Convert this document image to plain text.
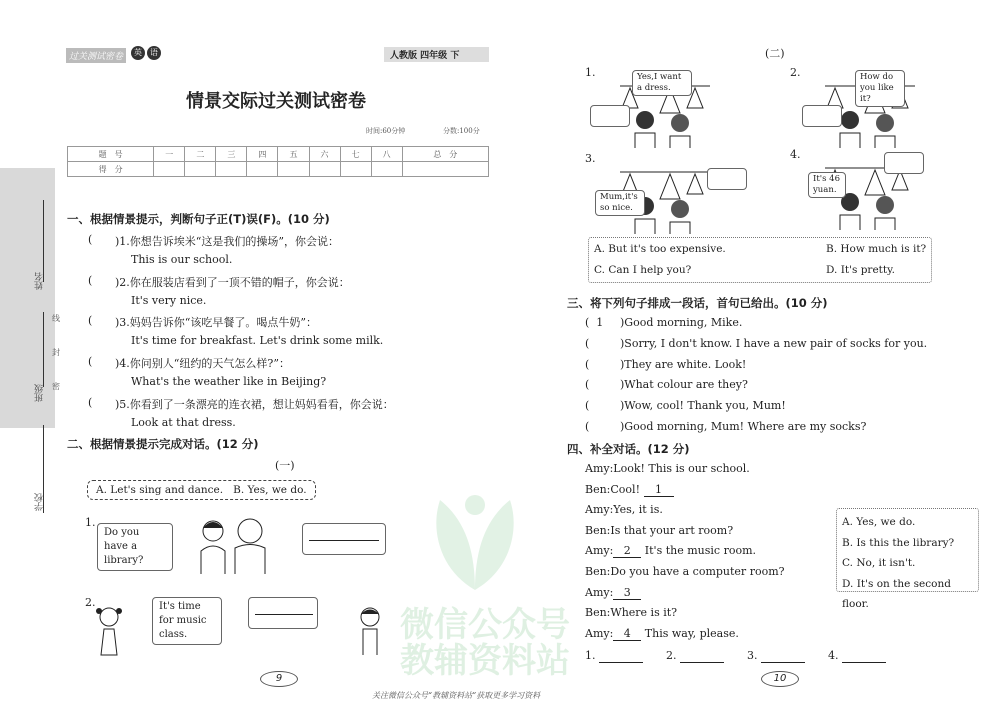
姓名
班级
学校
线
封
密
微信公众号
教辅资料站
过关测试密卷	英	语	人教版 四年级 下
情景交际过关测试密卷
时间:60分钟	分数:100分
题　号	一	二	三	四	五	六	七	八	总　分
得　分									
一、根据情景提示，判断句子正(T)误(F)。(10 分)
( )1.你想告诉埃米“这是我们的操场”，你会说：
This is our school.
( )2.你在服装店看到了一顶不错的帽子，你会说：
It's very nice.
( )3.妈妈告诉你“该吃早餐了。喝点牛奶”：
It's time for breakfast. Let's drink some milk.
( )4.你问别人“纽约的天气怎么样?”：
What's the weather like in Beijing?
( )5.你看到了一条漂亮的连衣裙，想让妈妈看看，你会说：
Look at that dress.
二、根据情景提示完成对话。(12 分)
(一)
A. Let's sing and dance. B. Yes, we do.
1.
Do you have a library?
2.	It's time for music class.
9
(二)
1.	Yes,I want a dress.
2.	How do you like it?
3.
Mum,it's so nice.
4.
It's 46 yuan.
A. But it's too expensive.	B. How much is it?
C. Can I help you?	D. It's pretty.
三、将下列句子排成一段话，首句已给出。(10 分)
(  1 )Good morning, Mike.
( )Sorry, I don't know. I have a new pair of socks for you.
( )They are white. Look!
( )What colour are they?
( )Wow, cool! Thank you, Mum!
( )Good morning, Mum! Where are my socks?
四、补全对话。(12 分)
Amy:Look! This is our school.
Ben:Cool! 1
Amy:Yes, it is.
Ben:Is that your art room?
Amy: 2 It's the music room.
Ben:Do you have a computer room?
Amy: 3
Ben:Where is it?
Amy: 4 This way, please.
A. Yes, we do.
B. Is this the library?
C. No, it isn't.
D. It's on the second floor.
1.	2.	3.	4.
10
关注微信公众号“教辅资料站”获取更多学习资料
